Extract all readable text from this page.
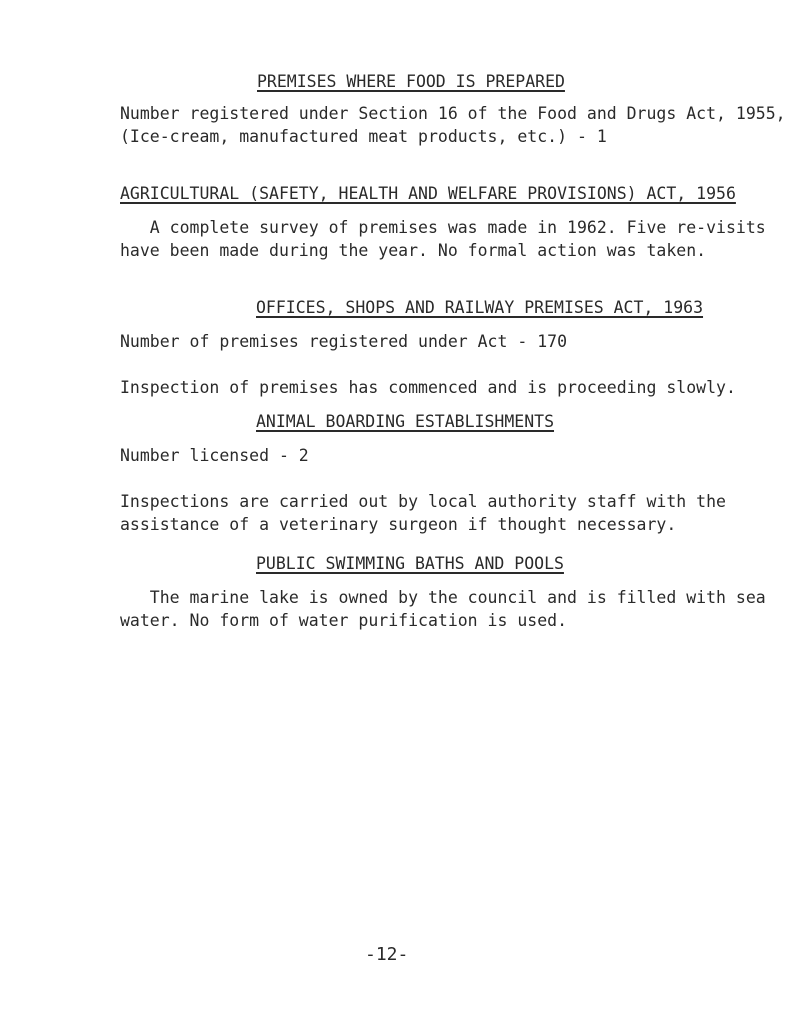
PREMISES WHERE FOOD IS PREPARED
Number registered under Section 16 of the Food and Drugs Act, 1955,
(Ice-cream, manufactured meat products, etc.) - 1
AGRICULTURAL (SAFETY, HEALTH AND WELFARE PROVISIONS) ACT, 1956
A complete survey of premises was made in 1962. Five re-visits
have been made during the year. No formal action was taken.
OFFICES, SHOPS AND RAILWAY PREMISES ACT, 1963
Number of premises registered under Act - 170

Inspection of premises has commenced and is proceeding slowly.
ANIMAL BOARDING ESTABLISHMENTS
Number licensed - 2

Inspections are carried out by local authority staff with the
assistance of a veterinary surgeon if thought necessary.
PUBLIC SWIMMING BATHS AND POOLS
The marine lake is owned by the council and is filled with sea
water. No form of water purification is used.
-12-
